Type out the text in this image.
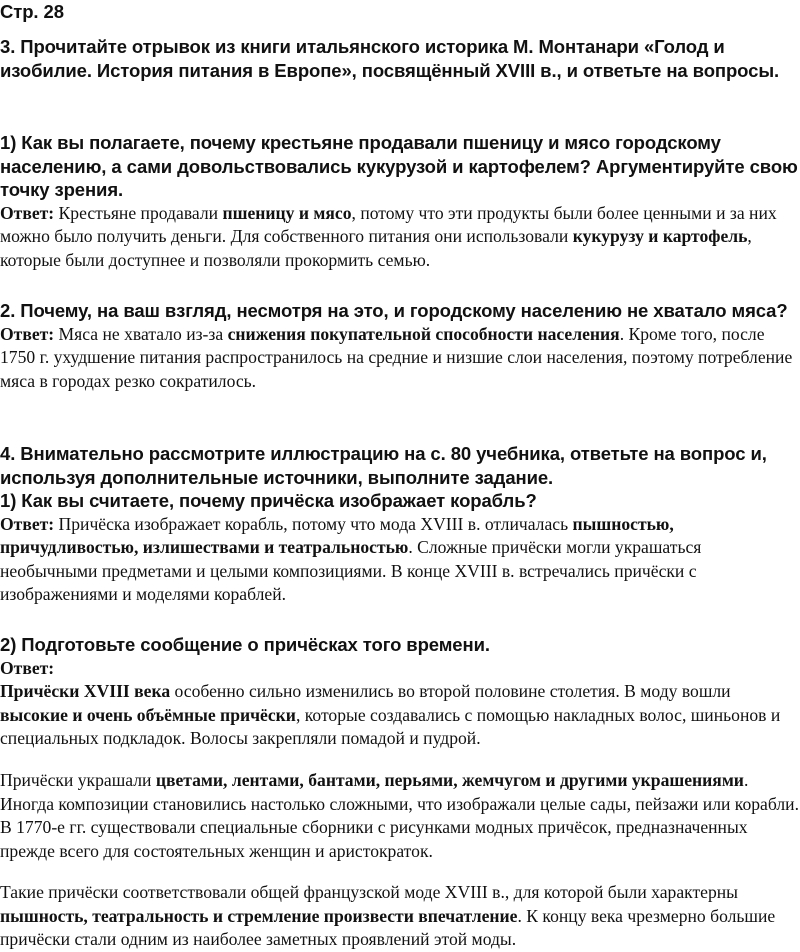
Стр. 28

3. Прочитайте отрывок из книги итальянского историка М. Монтанари «Голод и изобилие. История питания в Европе», посвящённый XVIII в., и ответьте на вопросы.

1) Как вы полагаете, почему крестьяне продавали пшеницу и мясо городскому населению, а сами довольствовались кукурузой и картофелем? Аргументируйте свою точку зрения.

Ответ: Крестьяне продавали пшеницу и мясо, потому что эти продукты были более ценными и за них можно было получить деньги. Для собственного питания они использовали кукурузу и картофель, которые были доступнее и позволяли прокормить семью.

2. Почему, на ваш взгляд, несмотря на это, и городскому населению не хватало мяса?

Ответ: Мяса не хватало из-за снижения покупательной способности населения. Кроме того, после 1750 г. ухудшение питания распространилось на средние и низшие слои населения, поэтому потребление мяса в городах резко сократилось.

4. Внимательно рассмотрите иллюстрацию на с. 80 учебника, ответьте на вопрос и, используя дополнительные источники, выполните задание.

1) Как вы считаете, почему причёска изображает корабль?

Ответ: Причёска изображает корабль, потому что мода XVIII в. отличалась пышностью, причудливостью, излишествами и театральностью. Сложные причёски могли украшаться необычными предметами и целыми композициями. В конце XVIII в. встречались причёски с изображениями и моделями кораблей.

2) Подготовьте сообщение о причёсках того времени.

Ответ:

Причёски XVIII века особенно сильно изменились во второй половине столетия. В моду вошли высокие и очень объёмные причёски, которые создавались с помощью накладных волос, шиньонов и специальных подкладок. Волосы закрепляли помадой и пудрой.

Причёски украшали цветами, лентами, бантами, перьями, жемчугом и другими украшениями. Иногда композиции становились настолько сложными, что изображали целые сады, пейзажи или корабли. В 1770-е гг. существовали специальные сборники с рисунками модных причёсок, предназначенных прежде всего для состоятельных женщин и аристократок.

Такие причёски соответствовали общей французской моде XVIII в., для которой были характерны пышность, театральность и стремление произвести впечатление. К концу века чрезмерно большие причёски стали одним из наиболее заметных проявлений этой моды.
